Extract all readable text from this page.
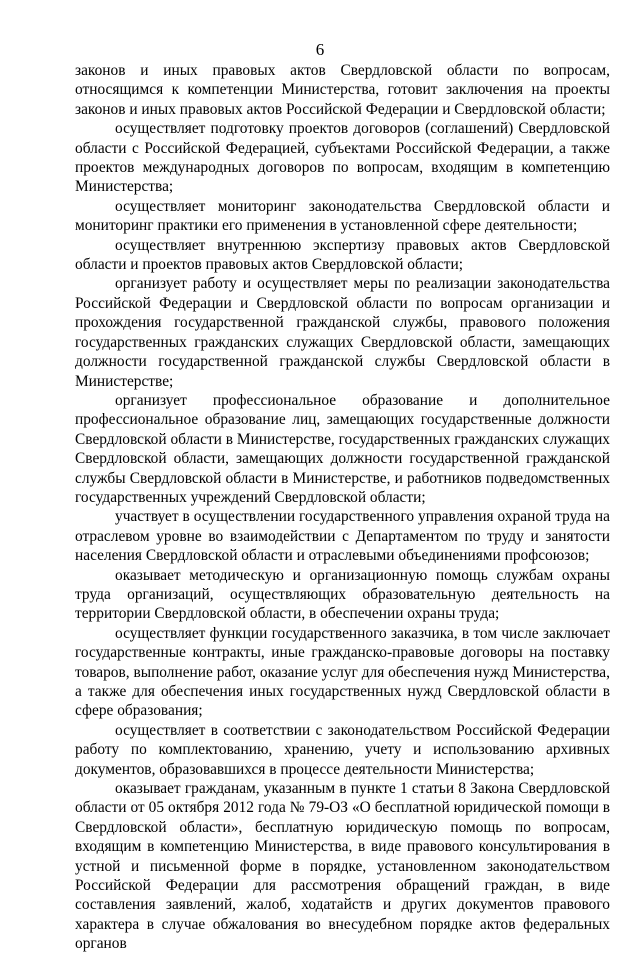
6

законов и иных правовых актов Свердловской области по вопросам, относящимся к компетенции Министерства, готовит заключения на проекты законов и иных правовых актов Российской Федерации и Свердловской области;

осуществляет подготовку проектов договоров (соглашений) Свердловской области с Российской Федерацией, субъектами Российской Федерации, а также проектов международных договоров по вопросам, входящим в компетенцию Министерства;

осуществляет мониторинг законодательства Свердловской области и мониторинг практики его применения в установленной сфере деятельности;

осуществляет внутреннюю экспертизу правовых актов Свердловской области и проектов правовых актов Свердловской области;

организует работу и осуществляет меры по реализации законодательства Российской Федерации и Свердловской области по вопросам организации и прохождения государственной гражданской службы, правового положения государственных гражданских служащих Свердловской области, замещающих должности государственной гражданской службы Свердловской области в Министерстве;

организует профессиональное образование и дополнительное профессиональное образование лиц, замещающих государственные должности Свердловской области в Министерстве, государственных гражданских служащих Свердловской области, замещающих должности государственной гражданской службы Свердловской области в Министерстве, и работников подведомственных государственных учреждений Свердловской области;

участвует в осуществлении государственного управления охраной труда на отраслевом уровне во взаимодействии с Департаментом по труду и занятости населения Свердловской области и отраслевыми объединениями профсоюзов;

оказывает методическую и организационную помощь службам охраны труда организаций, осуществляющих образовательную деятельность на территории Свердловской области, в обеспечении охраны труда;

осуществляет функции государственного заказчика, в том числе заключает государственные контракты, иные гражданско-правовые договоры на поставку товаров, выполнение работ, оказание услуг для обеспечения нужд Министерства, а также для обеспечения иных государственных нужд Свердловской области в сфере образования;

осуществляет в соответствии с законодательством Российской Федерации работу по комплектованию, хранению, учету и использованию архивных документов, образовавшихся в процессе деятельности Министерства;

оказывает гражданам, указанным в пункте 1 статьи 8 Закона Свердловской области от 05 октября 2012 года № 79-ОЗ «О бесплатной юридической помощи в Свердловской области», бесплатную юридическую помощь по вопросам, входящим в компетенцию Министерства, в виде правового консультирования в устной и письменной форме в порядке, установленном законодательством Российской Федерации для рассмотрения обращений граждан, в виде составления заявлений, жалоб, ходатайств и других документов правового характера в случае обжалования во внесудебном порядке актов федеральных органов
